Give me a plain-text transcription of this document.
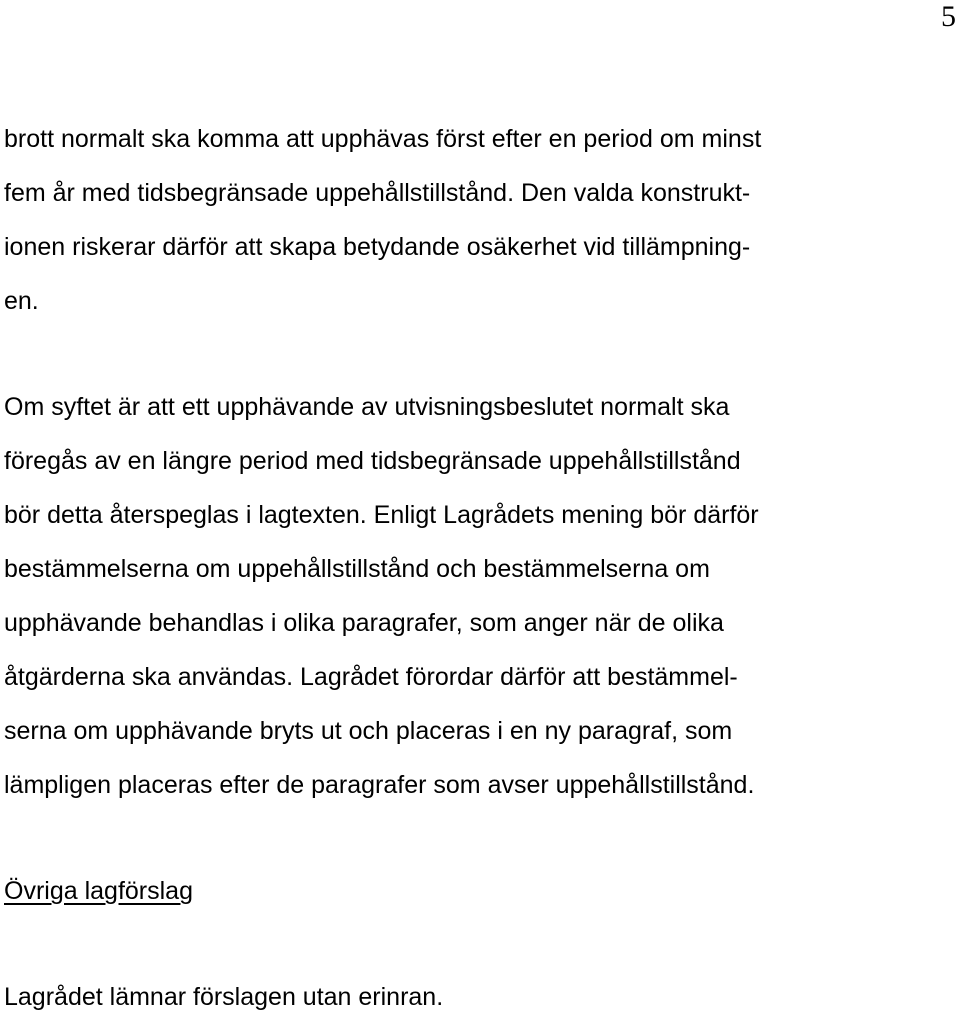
5
brott normalt ska komma att upphävas först efter en period om minst
fem år med tidsbegränsade uppehållstillstånd. Den valda konstrukt-
ionen riskerar därför att skapa betydande osäkerhet vid tillämpning-
en.
Om syftet är att ett upphävande av utvisningsbeslutet normalt ska
föregås av en längre period med tidsbegränsade uppehållstillstånd
bör detta återspeglas i lagtexten. Enligt Lagrådets mening bör därför
bestämmelserna om uppehållstillstånd och bestämmelserna om
upphävande behandlas i olika paragrafer, som anger när de olika
åtgärderna ska användas. Lagrådet förordar därför att bestämmel-
serna om upphävande bryts ut och placeras i en ny paragraf, som
lämpligen placeras efter de paragrafer som avser uppehållstillstånd.
Övriga lagförslag
Lagrådet lämnar förslagen utan erinran.
